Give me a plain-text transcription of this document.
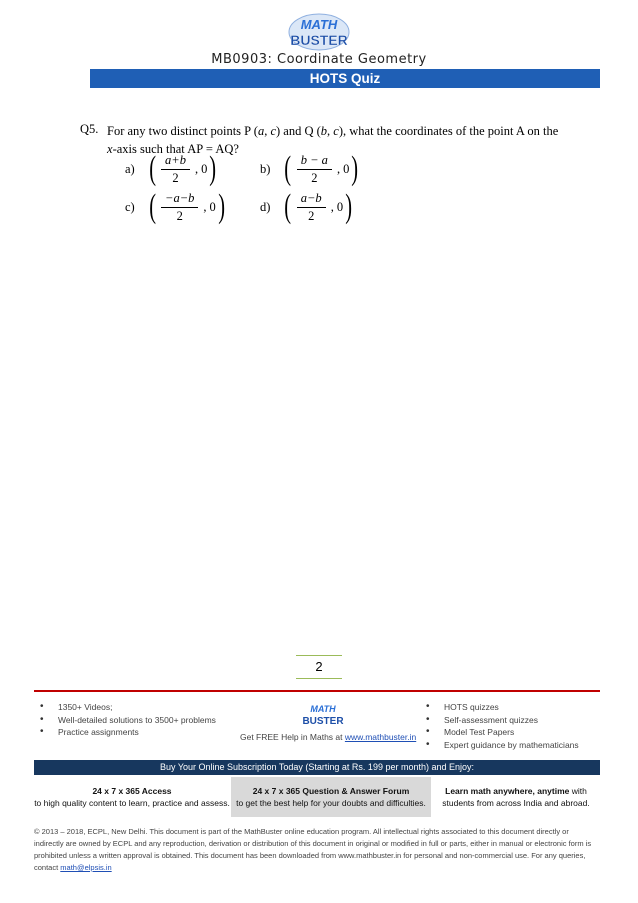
MATH
BUSTER
MB0903: Coordinate Geometry
HOTS Quiz
Q5. For any two distinct points P (a, c) and Q (b, c), what the coordinates of the point A on the
x-axis such that AP = AQ?
a) ( $\frac{a+b}{2}$ , 0 )	b) ( $\frac{b - a}{2}$ , 0 )
c) ( $\frac{-a-b}{2}$ , 0 )	d) ( $\frac{a-b}{2}$ , 0 )
2
• 1350+ Videos;
• Well-detailed solutions to 3500+ problems
• Practice assignments
MATH
BUSTER
Get FREE Help in Maths at www.mathbuster.in
• HOTS quizzes
• Self-assessment quizzes
• Model Test Papers
• Expert guidance by mathematicians
Buy Your Online Subscription Today (Starting at Rs. 199 per month) and Enjoy:
24 x 7 x 365 Access
to high quality content to learn, practice and assess.
24 x 7 x 365 Question & Answer Forum
to get the best help for your doubts and difficulties.
Learn math anywhere, anytime with
students from across India and abroad.
© 2013 – 2018, ECPL, New Delhi. This document is part of the MathBuster online education program. All intellectual rights associated to this document directly or indirectly are owned by ECPL and any reproduction, derivation or distribution of this document in original or modified in full or parts, either in manual or electronic form is prohibited unless a written approval is obtained. This document has been downloaded from www.mathbuster.in for personal and non-commercial use. For any queries, contact math@elpsis.in
